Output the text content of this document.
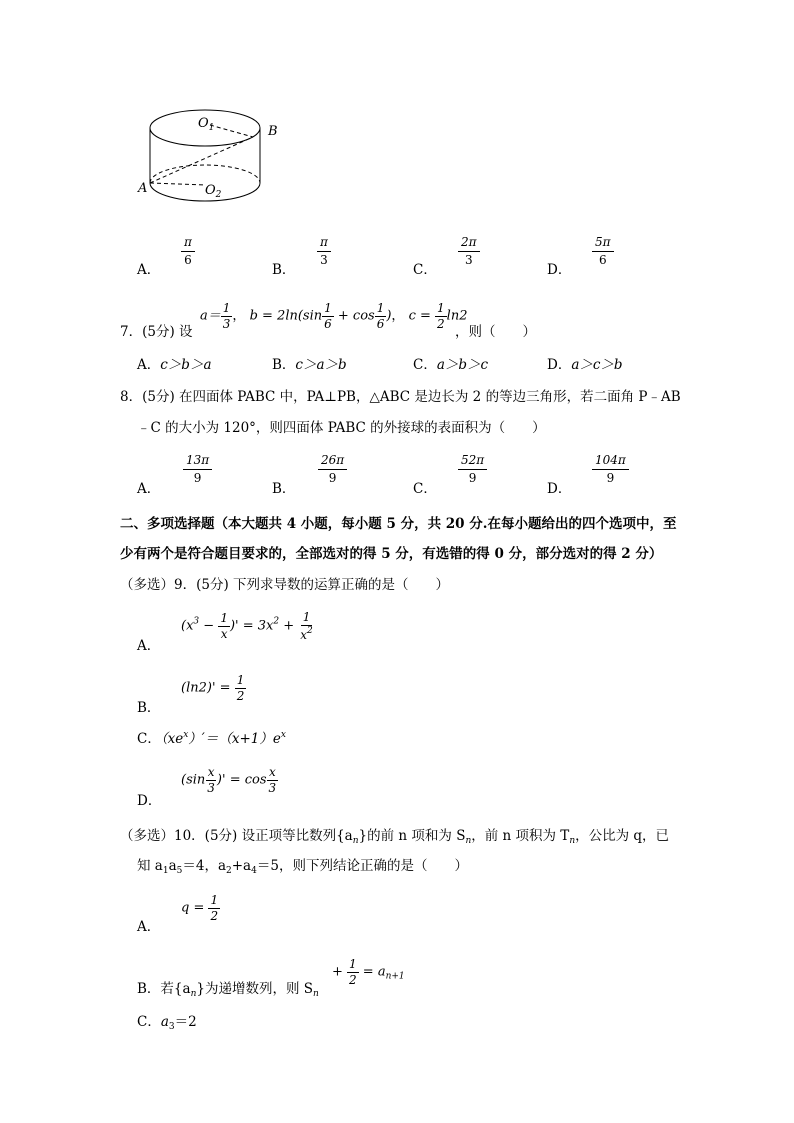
$O_1$	B
A	$O_2$
A．
$\frac{\pi}{6}$
B．
$\frac{\pi}{3}$
C．
$\frac{2\pi}{3}$
D．
$\frac{5\pi}{6}$
7．(5分) 设
$a= \frac{1}{3}$ ， $b = 2\ln(\sin \frac{1}{6} + \cos \frac{1}{6}$ )， $c = \frac{1}{2} \ln 2$
，则（　　）
A．c＞b＞a	B．c＞a＞b	C．a＞b＞c	D．a＞c＞b
8．(5分) 在四面体 PABC 中，PA⊥PB，△ABC 是边长为 2 的等边三角形，若二面角 P﹣AB
﹣C 的大小为 120°，则四面体 PABC 的外接球的表面积为（　　）
A．
$\frac{13\pi}{9}$
B．
$\frac{26\pi}{9}$
C．
$\frac{52\pi}{9}$
D．
$\frac{104\pi}{9}$
二、多项选择题（本大题共 4 小题，每小题 5 分，共 20 分.在每小题给出的四个选项中，至
少有两个是符合题目要求的，全部选对的得 5 分，有选错的得 0 分，部分选对的得 2 分）
（多选）9．(5分) 下列求导数的运算正确的是（　　）
A．
($x^3 - \frac{1}{x}$ )' = $3x^2 + \frac{1}{x^2}$
B．
$(\ln 2)' = \frac{1}{2}$
C．$(xe^x)'=(x+1)e^x$
D．
($\sin \frac{x}{3}$ )' = $\cos \frac{x}{3}$
（多选）10．(5分) 设正项等比数列$\{a_n\}$的前 n 项和为 $S_n$，前 n 项积为 $T_n$，公比为 q，已
知 $a_1a_5=4$，$a_2+a_4=5$，则下列结论正确的是（　　）
A．
$q = \frac{1}{2}$
B．若$\{a_n\}$为递增数列，则 $S_n$
+ $\frac{1}{2} = a_{n+1}$
C．$a_3=2$
